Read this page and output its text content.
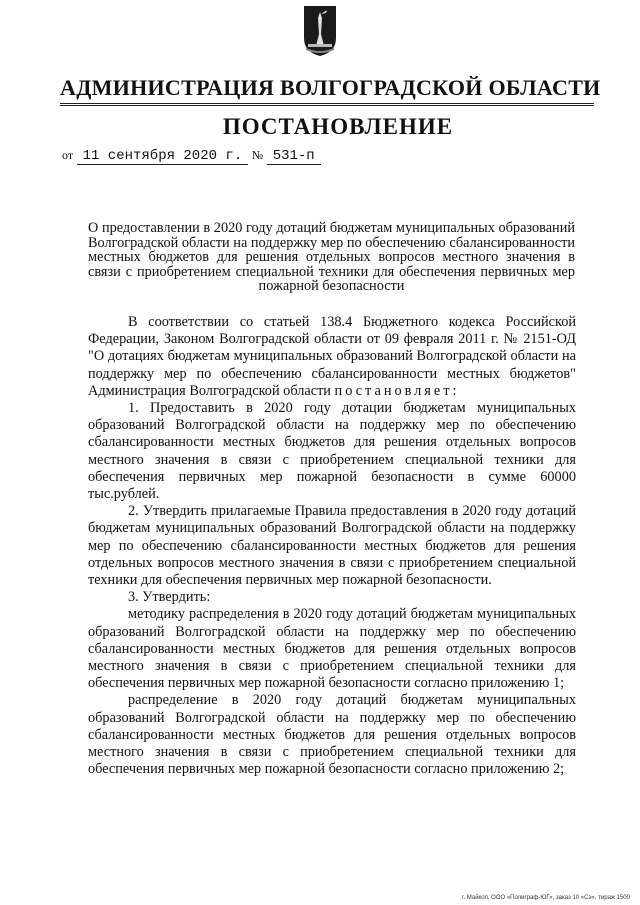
АДМИНИСТРАЦИЯ ВОЛГОГРАДСКОЙ ОБЛАСТИ
ПОСТАНОВЛЕНИЕ
от 11 сентября 2020 г. № 531-п

О предоставлении в 2020 году дотаций бюджетам муниципальных образований Волгоградской области на поддержку мер по обеспечению сбалансированности местных бюджетов для решения отдельных вопросов местного значения в связи с приобретением специальной техники для обеспечения первичных мер пожарной безопасности

В соответствии со статьей 138.4 Бюджетного кодекса Российской Федерации, Законом Волгоградской области от 09 февраля 2011 г. № 2151-ОД "О дотациях бюджетам муниципальных образований Волгоградской области на поддержку мер по обеспечению сбалансированности местных бюджетов" Администрация Волгоградской области постановляет:

1. Предоставить в 2020 году дотации бюджетам муниципальных образований Волгоградской области на поддержку мер по обеспечению сбалансированности местных бюджетов для решения отдельных вопросов местного значения в связи с приобретением специальной техники для обеспечения первичных мер пожарной безопасности в сумме 60000 тыс.рублей.

2. Утвердить прилагаемые Правила предоставления в 2020 году дотаций бюджетам муниципальных образований Волгоградской области на поддержку мер по обеспечению сбалансированности местных бюджетов для решения отдельных вопросов местного значения в связи с приобретением специальной техники для обеспечения первичных мер пожарной безопасности.

3. Утвердить:

методику распределения в 2020 году дотаций бюджетам муниципальных образований Волгоградской области на поддержку мер по обеспечению сбалансированности местных бюджетов для решения отдельных вопросов местного значения в связи с приобретением специальной техники для обеспечения первичных мер пожарной безопасности согласно приложению 1;

распределение в 2020 году дотаций бюджетам муниципальных образований Волгоградской области на поддержку мер по обеспечению сбалансированности местных бюджетов для решения отдельных вопросов местного значения в связи с приобретением специальной техники для обеспечения первичных мер пожарной безопасности согласно приложению 2;

г. Майкоп, ООО «Полиграф-ЮГ», заказ 10 «Сэ», тираж 1500
